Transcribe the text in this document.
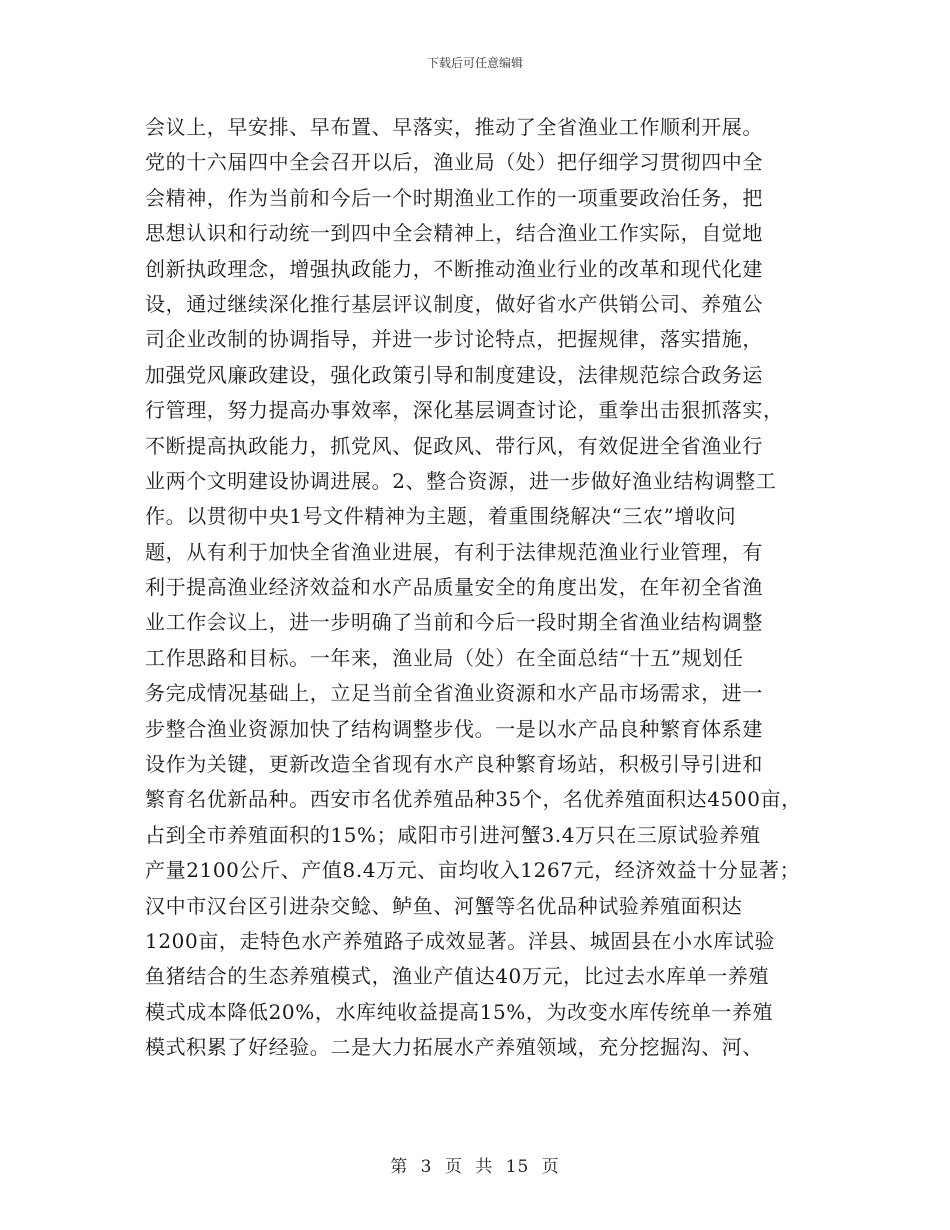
下载后可任意编辑
会议上，早安排、早布置、早落实，推动了全省渔业工作顺利开展。
党的十六届四中全会召开以后，渔业局（处）把仔细学习贯彻四中全
会精神，作为当前和今后一个时期渔业工作的一项重要政治任务，把
思想认识和行动统一到四中全会精神上，结合渔业工作实际，自觉地
创新执政理念，增强执政能力，不断推动渔业行业的改革和现代化建
设，通过继续深化推行基层评议制度，做好省水产供销公司、养殖公
司企业改制的协调指导，并进一步讨论特点，把握规律，落实措施，
加强党风廉政建设，强化政策引导和制度建设，法律规范综合政务运
行管理，努力提高办事效率，深化基层调查讨论，重拳出击狠抓落实，
不断提高执政能力，抓党风、促政风、带行风，有效促进全省渔业行
业两个文明建设协调进展。2、整合资源，进一步做好渔业结构调整工
作。以贯彻中央1号文件精神为主题，着重围绕解决“三农”增收问
题，从有利于加快全省渔业进展，有利于法律规范渔业行业管理，有
利于提高渔业经济效益和水产品质量安全的角度出发，在年初全省渔
业工作会议上，进一步明确了当前和今后一段时期全省渔业结构调整
工作思路和目标。一年来，渔业局（处）在全面总结“十五”规划任
务完成情况基础上，立足当前全省渔业资源和水产品市场需求，进一
步整合渔业资源加快了结构调整步伐。一是以水产品良种繁育体系建
设作为关键，更新改造全省现有水产良种繁育场站，积极引导引进和
繁育名优新品种。西安市名优养殖品种35个，名优养殖面积达4500亩，
占到全市养殖面积的15%；咸阳市引进河蟹3.4万只在三原试验养殖
产量2100公斤、产值8.4万元、亩均收入1267元，经济效益十分显著；
汉中市汉台区引进杂交鲶、鲈鱼、河蟹等名优品种试验养殖面积达
1200亩，走特色水产养殖路子成效显著。洋县、城固县在小水库试验
鱼猪结合的生态养殖模式，渔业产值达40万元，比过去水库单一养殖
模式成本降低20%，水库纯收益提高15%，为改变水库传统单一养殖
模式积累了好经验。二是大力拓展水产养殖领域，充分挖掘沟、河、
第 3 页 共 15 页
